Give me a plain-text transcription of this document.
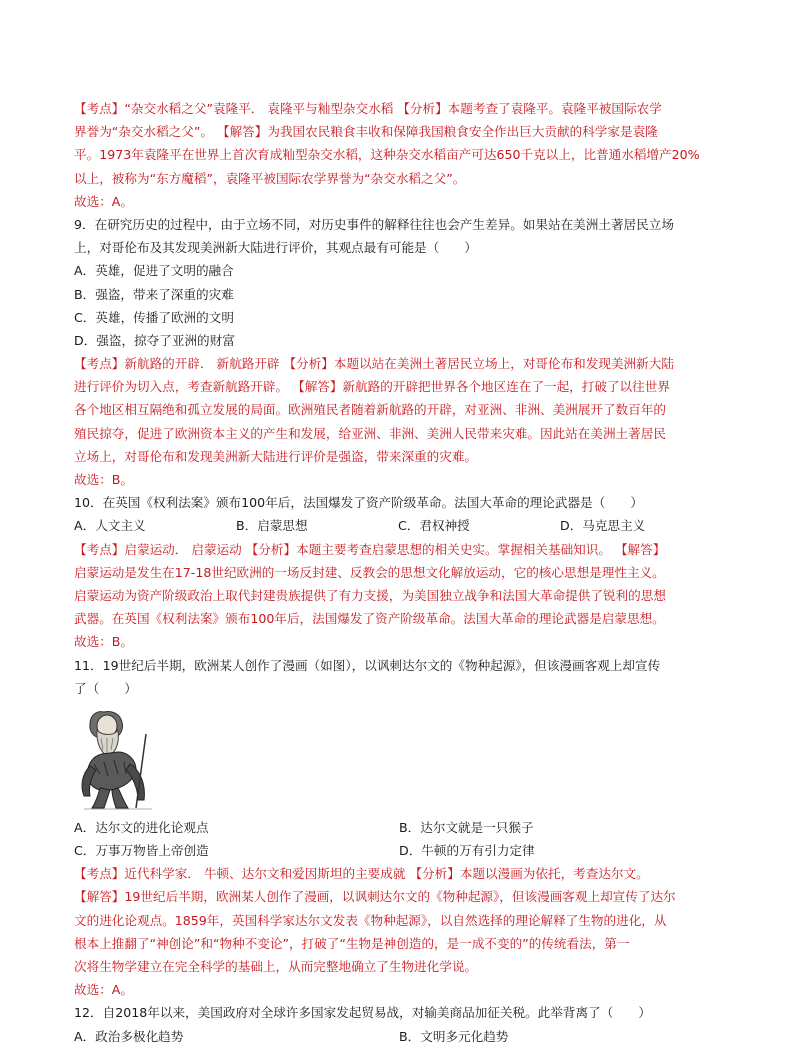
【考点】“杂交水稻之父”袁隆平． 袁隆平与籼型杂交水稻 【分析】本题考查了袁隆平。袁隆平被国际农学
界誉为“杂交水稻之父”。 【解答】为我国农民粮食丰收和保障我国粮食安全作出巨大贡献的科学家是袁隆
平。1973年袁隆平在世界上首次育成籼型杂交水稻，这种杂交水稻亩产可达650千克以上，比普通水稻增产20%
以上，被称为“东方魔稻”，袁隆平被国际农学界誉为“杂交水稻之父”。
故选：A。
9．在研究历史的过程中，由于立场不同，对历史事件的解释往往也会产生差异。如果站在美洲土著居民立场
上，对哥伦布及其发现美洲新大陆进行评价，其观点最有可能是（　　）
A．英雄，促进了文明的融合
B．强盗，带来了深重的灾难
C．英雄，传播了欧洲的文明
D．强盗，掠夺了亚洲的财富
【考点】新航路的开辟． 新航路开辟 【分析】本题以站在美洲土著居民立场上，对哥伦布和发现美洲新大陆
进行评价为切入点，考查新航路开辟。 【解答】新航路的开辟把世界各个地区连在了一起，打破了以往世界
各个地区相互隔绝和孤立发展的局面。欧洲殖民者随着新航路的开辟，对亚洲、非洲、美洲展开了数百年的
殖民掠夺，促进了欧洲资本主义的产生和发展，给亚洲、非洲、美洲人民带来灾难。因此站在美洲土著居民
立场上，对哥伦布和发现美洲新大陆进行评价是强盗，带来深重的灾难。
故选：B。
10．在英国《权利法案》颁布100年后，法国爆发了资产阶级革命。法国大革命的理论武器是（　　）
A．人文主义	B．启蒙思想	C．君权神授	D．马克思主义
【考点】启蒙运动． 启蒙运动 【分析】本题主要考查启蒙思想的相关史实。掌握相关基础知识。 【解答】
启蒙运动是发生在17-18世纪欧洲的一场反封建、反教会的思想文化解放运动，它的核心思想是理性主义。
启蒙运动为资产阶级政治上取代封建贵族提供了有力支援，为美国独立战争和法国大革命提供了锐利的思想
武器。在英国《权利法案》颁布100年后，法国爆发了资产阶级革命。法国大革命的理论武器是启蒙思想。
故选：B。
11．19世纪后半期，欧洲某人创作了漫画（如图），以讽刺达尔文的《物种起源》，但该漫画客观上却宣传
了（　　）
A．达尔文的进化论观点	B．达尔文就是一只猴子
C．万事万物皆上帝创造	D．牛顿的万有引力定律
【考点】近代科学家． 牛顿、达尔文和爱因斯坦的主要成就 【分析】本题以漫画为依托，考查达尔文。
【解答】19世纪后半期，欧洲某人创作了漫画，以讽刺达尔文的《物种起源》，但该漫画客观上却宣传了达尔
文的进化论观点。1859年，英国科学家达尔文发表《物种起源》，以自然选择的理论解释了生物的进化，从
根本上推翻了“神创论”和“物种不变论”，打破了“生物是神创造的，是一成不变的”的传统看法，第一
次将生物学建立在完全科学的基础上，从而完整地确立了生物进化学说。
故选：A。
12．自2018年以来，美国政府对全球许多国家发起贸易战，对输美商品加征关税。此举背离了（　　）
A．政治多极化趋势	B．文明多元化趋势
